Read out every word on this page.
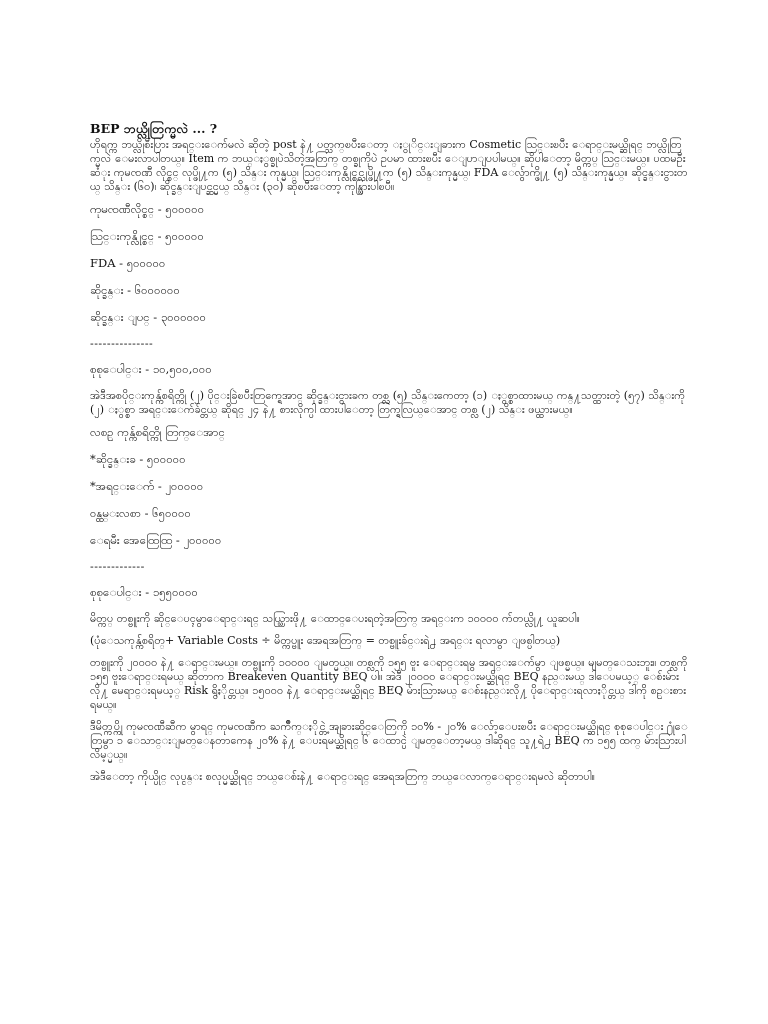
BEP ဘယ္လိုတြက္မလဲ ... ?
ဟိုရက္က ဘယ္လိုစီးပြား အရင္းေက်မလဲ ဆိုတဲ့ post နဲ႔ ပတ္သက္ၿပီးေတာ့ ႏွုိင္းျခားက Cosmetic သြင္းၿပီး ေရာင္းမယ္ဆိုရင္ ဘယ္လိုတြက္မလဲ ေမးလာပါတယ္။ Item က ဘယ္ႏွစ္ခုပဲသိတဲ့အတြက္ တစ္ခုကိုပဲ ဥပမာ ထားၿပီး ေျပာျပပါမယ္။ ဆိုပါေတာ့ မိတ္ကပ္ သြင္းမယ္။ ပထမဦးဆံုး ကုမၸဏီ လိုင္စင္ လုပ္ဖို႔က (၅) သိန္း ကုန္မယ္၊ သြင္းကုန္လိုင္စင္လုပ္ဖို႔က (၅) သိန္းကုန္မယ္၊ FDA ေလွ်ာက္ဖို႔ (၅) သိန္းကုန္မယ္။ ဆိုင္ခန္းငွားတယ္ သိန္း (၆၀)၊ ဆိုင္ခန္းျပင္ဆင္မယ္ သိန္း (၃၀) ဆိုၿပီးေတာ့ ကုန္သြားပါၿပီ။
ကုမၸဏီလိုင္စင္ - ၅၀၀၀၀၀
သြင္းကုန္လိုင္စင္ - ၅၀၀၀၀၀
FDA - ၅၀၀၀၀၀
ဆိုင္ခန္း - ၆၀၀၀၀၀၀
ဆိုင္ခန္း ျပင္ - ၃၀၀၀၀၀၀
---------------
စုစုေပါင္း - ၁၀,၅၀၀,၀၀၀
အဲဒီအစပိုင္းကုန္က်စရိတ္ကို (၂) ပိုင္းခြဲၿပီးတြက္ရေအာင္ ဆိုင္ခန္းငွားခက တစ္လ (၅) သိန္းကေတာ့ (၁) ႏွစ္စာထားမယ္ ကန္႔သတ္ထားတဲ့ (၅၇) သိန္းကို (၂) ႏွစ္စာ အရင္းေက်ခ်င္တယ္ ဆိုရင္ ၂၄ နဲ႔ စားလိုက္ပါ ထားပါေတာ့ တြက္ရလြယ္ေအာင္ တစ္လ (၂) သိန္း ဖယ္ထားမယ္။
လစဥ္ ကုန္က်စရိတ္ကို တြက္ေအာင္
*ဆိုင္ခန္းခ - ၅၀၀၀၀၀
*အရင္းေက် - ၂၀၀၀၀၀
၀န္ထမ္းလစာ - ၆၅၀၀၀၀
ေရမီး အေထြေထြ - ၂၀၀၀၀၀
-------------
စုစုေပါင္း - ၁၅၅၀၀၀၀
မိတ္ကပ္ တစ္ဗူးကို ဆိုင္ေပၚမွာေရာင္းရင္ သယ္သြားဖို႔ ေထာင္ေပးရတဲ့အတြက္ အရင္းက ၁၀၀၀၀ က်တယ္လို႔ ယူဆပါ။
(ပုံေသကုန္က်စရိတ္+ Variable Costs ÷ မိတ္ကပ္ဗူး အေရအတြက္ = တစ္ဗူးခ်င္းရဲ႕ အရင္း ရလာမွာ ျဖစ္ပါတယ္)
တစ္ဗူးကို ၂၀၀၀၀ နဲ႔ ေရာင္းမယ္။ တစ္ဗူးကို ၁၀၀၀၀ ျမတ္မယ္။ တစ္လကို ၁၅၅ ဗူး ေရာင္းရမွ အရင္းေက်မွာ ျဖစ္မယ္။ မျမတ္ေသးဘူး။ တစ္လကို ၁၅၅ ဗူးေရာင္းရမယ္ ဆိုတာက Breakeven Quantity BEQ ပါ။ အဲဒီ ၂၀၀၀၀ ေရာင္းမယ္ဆိုရင္ BEQ နည္းမယ္ ဒါေပမယ့္ ေစ်းမ်ားလို႔ မေရာင္းရမယ့္ Risk ရွိႏိုင္တယ္။ ၁၅၀၀၀ နဲ႔ ေရာင္းမယ္ဆိုရင္ BEQ မ်ားသြားမယ္ ေစ်းနည္းလို႔ ပိုေရာင္းရလာႏိုင္တယ္ ဒါကို စဥ္းစားရမယ္။
ဒီမိတ္ကပ္ကို ကုမၸဏီဆီက မွာရင္ ကုမၸဏီက ႀကိဳက္ႏိုင္တဲ့ အျခားဆိုင္ေတြကို ၁၀% - ၂၀% ေလ်ာ့ေပးၿပီး ေရာင္းမယ္ဆိုရင္ စုစုေပါင္း ႐ုံေတြမွာ ၁ ေသာင္းျမတ္ေနတာကေန ၂၀% နဲ႔ ေပးရမယ္ဆိုရင္ ၆ ေထာင္ပဲ ျမတ္ေတာ့မယ္ ဒါဆိုရင္ သူ႔ရဲ႕ BEQ က ၁၅၅ ထက္ မ်ားသြားပါလိမ့္မယ္။
အဲဒီေတာ့ ကိုယ္ပိုင္ လုပ္ငန္း စလုပ္မယ္ဆိုရင္ ဘယ္ေစ်းနဲ႔ ေရာင္းရင္ အေရအတြက္ ဘယ္ေလာက္ေရာင္းရမလဲ ဆိုတာပါ။
